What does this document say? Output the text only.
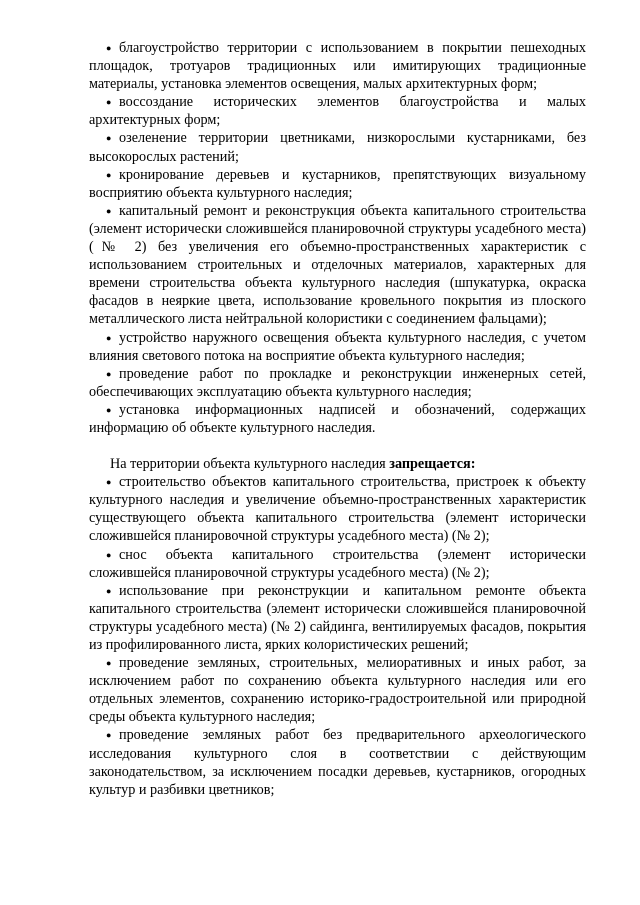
● благоустройство территории с использованием в покрытии пешеходных площадок, тротуаров традиционных или имитирующих традиционные материалы, установка элементов освещения, малых архитектурных форм;

● воссоздание исторических элементов благоустройства и малых архитектурных форм;

● озеленение территории цветниками, низкорослыми кустарниками, без высокорослых растений;

● кронирование деревьев и кустарников, препятствующих визуальному восприятию объекта культурного наследия;

● капитальный ремонт и реконструкция объекта капитального строительства (элемент исторически сложившейся планировочной структуры усадебного места) (№ 2) без увеличения его объемно-пространственных характеристик с использованием строительных и отделочных материалов, характерных для времени строительства объекта культурного наследия (шпукатурка, окраска фасадов в неяркие цвета, использование кровельного покрытия из плоского металлического листа нейтральной колористики с соединением фальцами);

● устройство наружного освещения объекта культурного наследия, с учетом влияния светового потока на восприятие объекта культурного наследия;

● проведение работ по прокладке и реконструкции инженерных сетей, обеспечивающих эксплуатацию объекта культурного наследия;

● установка информационных надписей и обозначений, содержащих информацию об объекте культурного наследия.

На территории объекта культурного наследия запрещается:

● строительство объектов капитального строительства, пристроек к объекту культурного наследия и увеличение объемно-пространственных характеристик существующего объекта капитального строительства (элемент исторически сложившейся планировочной структуры усадебного места) (№ 2);

● снос объекта капитального строительства (элемент исторически сложившейся планировочной структуры усадебного места) (№ 2);

● использование при реконструкции и капитальном ремонте объекта капитального строительства (элемент исторически сложившейся планировочной структуры усадебного места) (№ 2) сайдинга, вентилируемых фасадов, покрытия из профилированного листа, ярких колористических решений;

● проведение земляных, строительных, мелиоративных и иных работ, за исключением работ по сохранению объекта культурного наследия или его отдельных элементов, сохранению историко-градостроительной или природной среды объекта культурного наследия;

● проведение земляных работ без предварительного археологического исследования культурного слоя в соответствии с действующим законодательством, за исключением посадки деревьев, кустарников, огородных культур и разбивки цветников;
